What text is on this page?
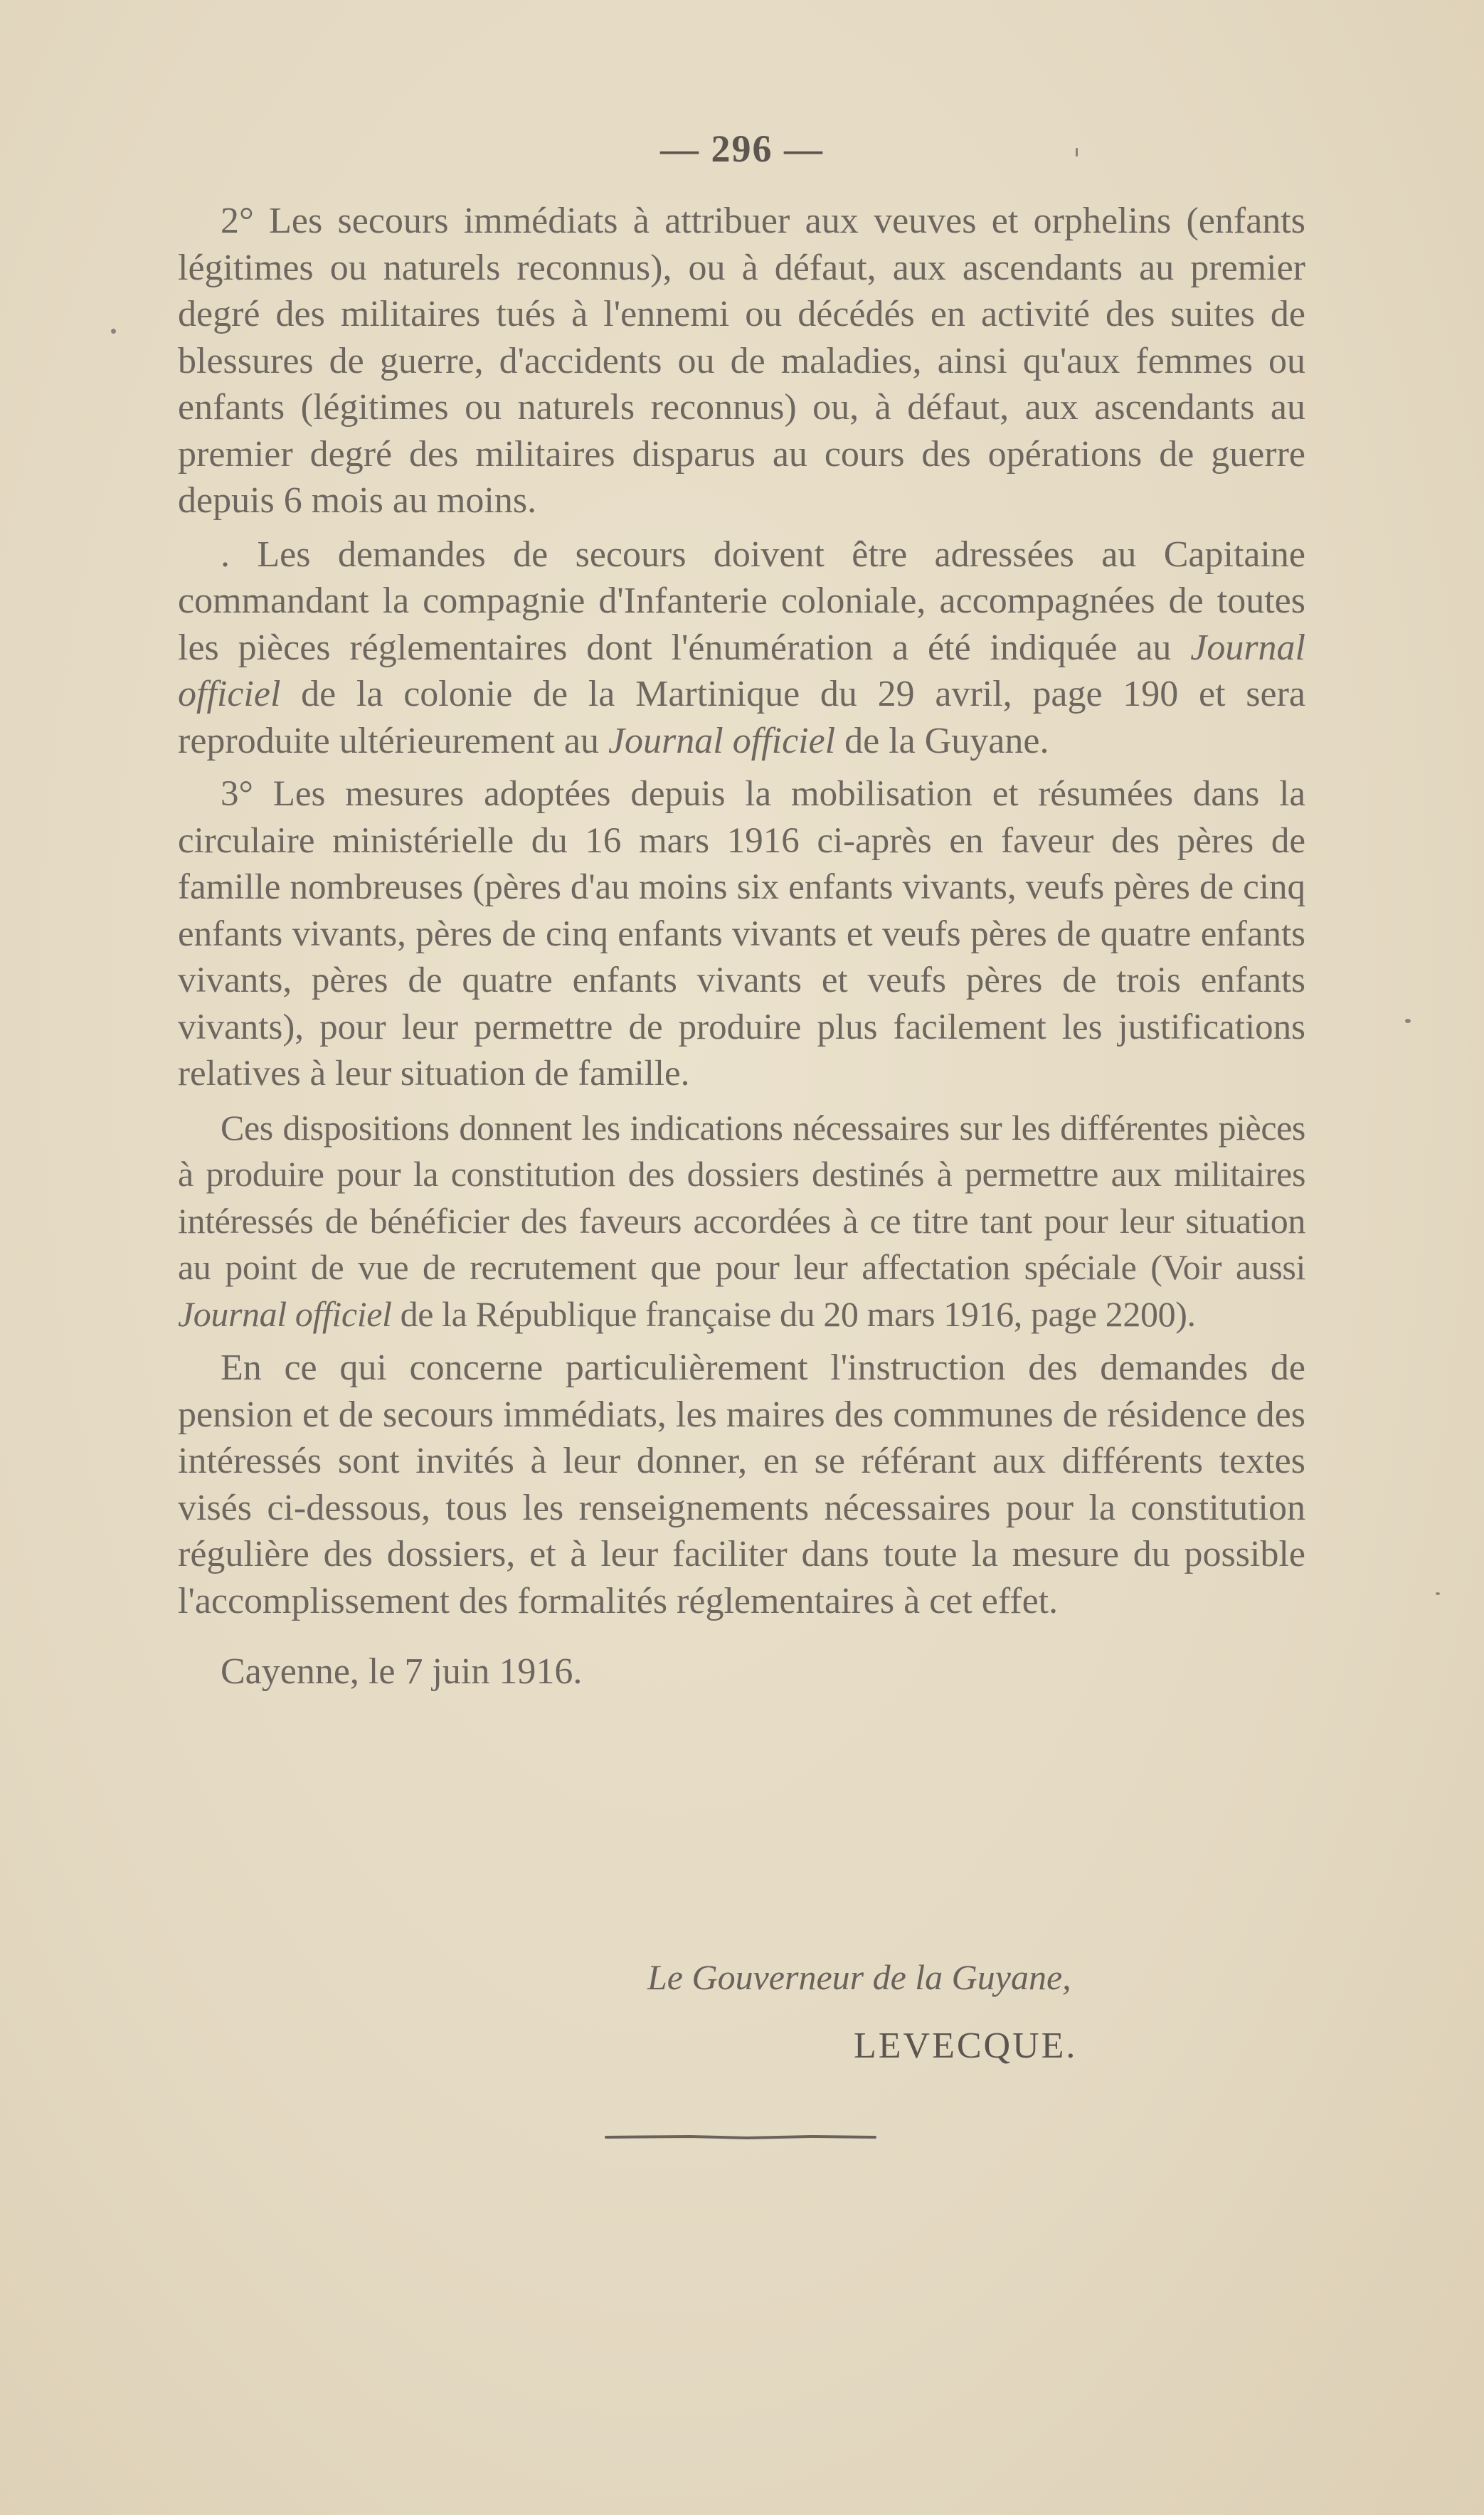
— 296 —

2° Les secours immédiats à attribuer aux veuves et orphelins (enfants légitimes ou naturels reconnus), ou à défaut, aux ascendants au premier degré des militaires tués à l'ennemi ou décédés en activité des suites de blessures de guerre, d'accidents ou de maladies, ainsi qu'aux femmes ou enfants (légitimes ou naturels reconnus) ou, à défaut, aux ascendants au premier degré des militaires disparus au cours des opérations de guerre depuis 6 mois au moins.

. Les demandes de secours doivent être adressées au Capitaine commandant la compagnie d'Infanterie coloniale, accompagnées de toutes les pièces réglementaires dont l'énumération a été indiquée au Journal officiel de la colonie de la Martinique du 29 avril, page 190 et sera reproduite ultérieurement au Journal officiel de la Guyane.

3° Les mesures adoptées depuis la mobilisation et résumées dans la circulaire ministérielle du 16 mars 1916 ci-après en faveur des pères de famille nombreuses (pères d'au moins six enfants vivants, veufs pères de cinq enfants vivants, pères de cinq enfants vivants et veufs pères de quatre enfants vivants, pères de quatre enfants vivants et veufs pères de trois enfants vivants), pour leur permettre de produire plus facilement les justifications relatives à leur situation de famille.

Ces dispositions donnent les indications nécessaires sur les différentes pièces à produire pour la constitution des dossiers destinés à permettre aux militaires intéressés de bénéficier des faveurs accordées à ce titre tant pour leur situation au point de vue de recrutement que pour leur affectation spéciale (Voir aussi Journal officiel de la République française du 20 mars 1916, page 2200).

En ce qui concerne particulièrement l'instruction des demandes de pension et de secours immédiats, les maires des communes de résidence des intéressés sont invités à leur donner, en se référant aux différents textes visés ci-dessous, tous les renseignements nécessaires pour la constitution régulière des dossiers, et à leur faciliter dans toute la mesure du possible l'accomplissement des formalités réglementaires à cet effet.

Cayenne, le 7 juin 1916.

Le Gouverneur de la Guyane,
LEVECQUE.
